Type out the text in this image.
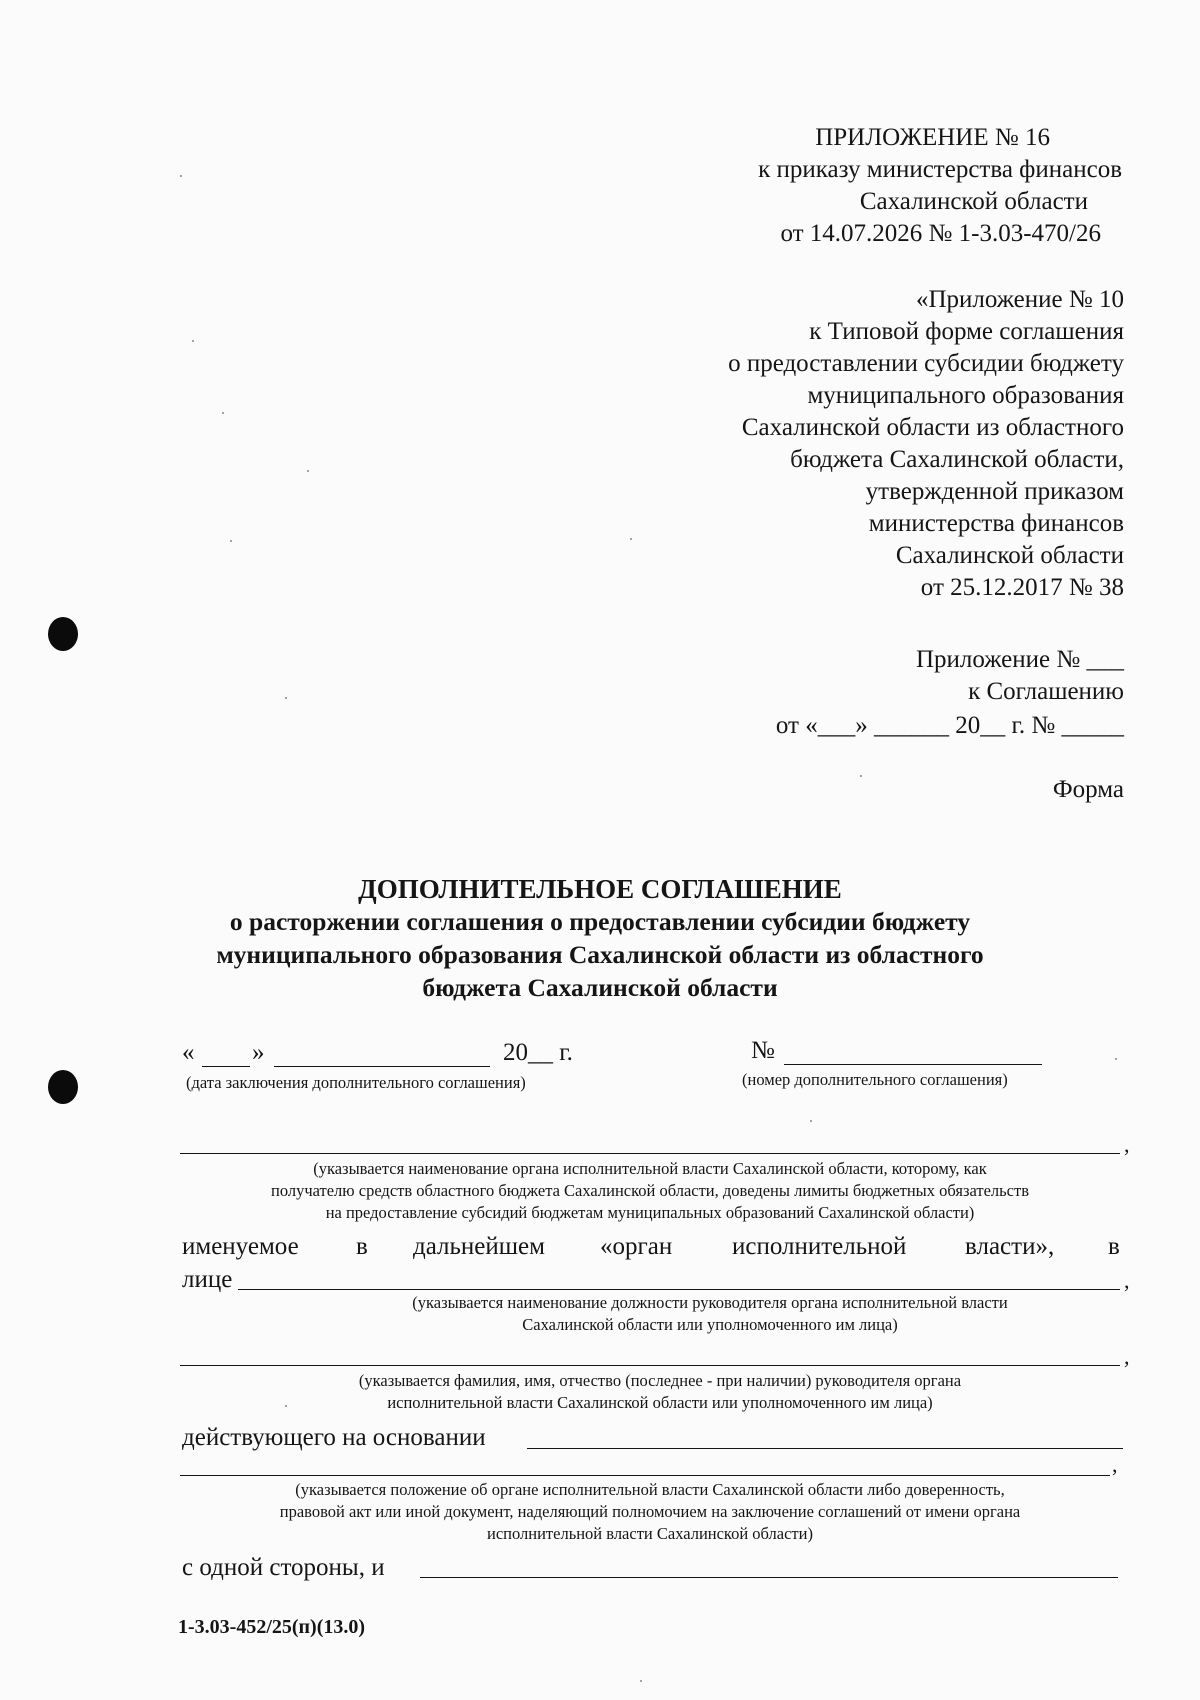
ПРИЛОЖЕНИЕ № 16
к приказу министерства финансов
Сахалинской области
от 14.07.2026 № 1-3.03-470/26
«Приложение № 10
к Типовой форме соглашения
о предоставлении субсидии бюджету
муниципального образования
Сахалинской области из областного
бюджета Сахалинской области,
утвержденной приказом
министерства финансов
Сахалинской области
от 25.12.2017 № 38
Приложение № ___
к Соглашению
от «___» ______ 20__ г. № _____
Форма
ДОПОЛНИТЕЛЬНОЕ СОГЛАШЕНИЕ
о расторжении соглашения о предоставлении субсидии бюджету
муниципального образования Сахалинской области из областного
бюджета Сахалинской области
« »	20__ г.	№
(дата заключения дополнительного соглашения)	(номер дополнительного соглашения)
,
(указывается наименование органа исполнительной власти Сахалинской области, которому, как
получателю средств областного бюджета Сахалинской области, доведены лимиты бюджетных обязательств
на предоставление субсидий бюджетам муниципальных образований Сахалинской области)
именуемое в дальнейшем «орган исполнительной власти», в
лице	,
(указывается наименование должности руководителя органа исполнительной власти
Сахалинской области или уполномоченного им лица)
,
(указывается фамилия, имя, отчество (последнее - при наличии) руководителя органа
исполнительной власти Сахалинской области или уполномоченного им лица)
действующего на основании
,
(указывается положение об органе исполнительной власти Сахалинской области либо доверенность,
правовой акт или иной документ, наделяющий полномочием на заключение соглашений от имени органа
исполнительной власти Сахалинской области)
с одной стороны, и
1-3.03-452/25(п)(13.0)
